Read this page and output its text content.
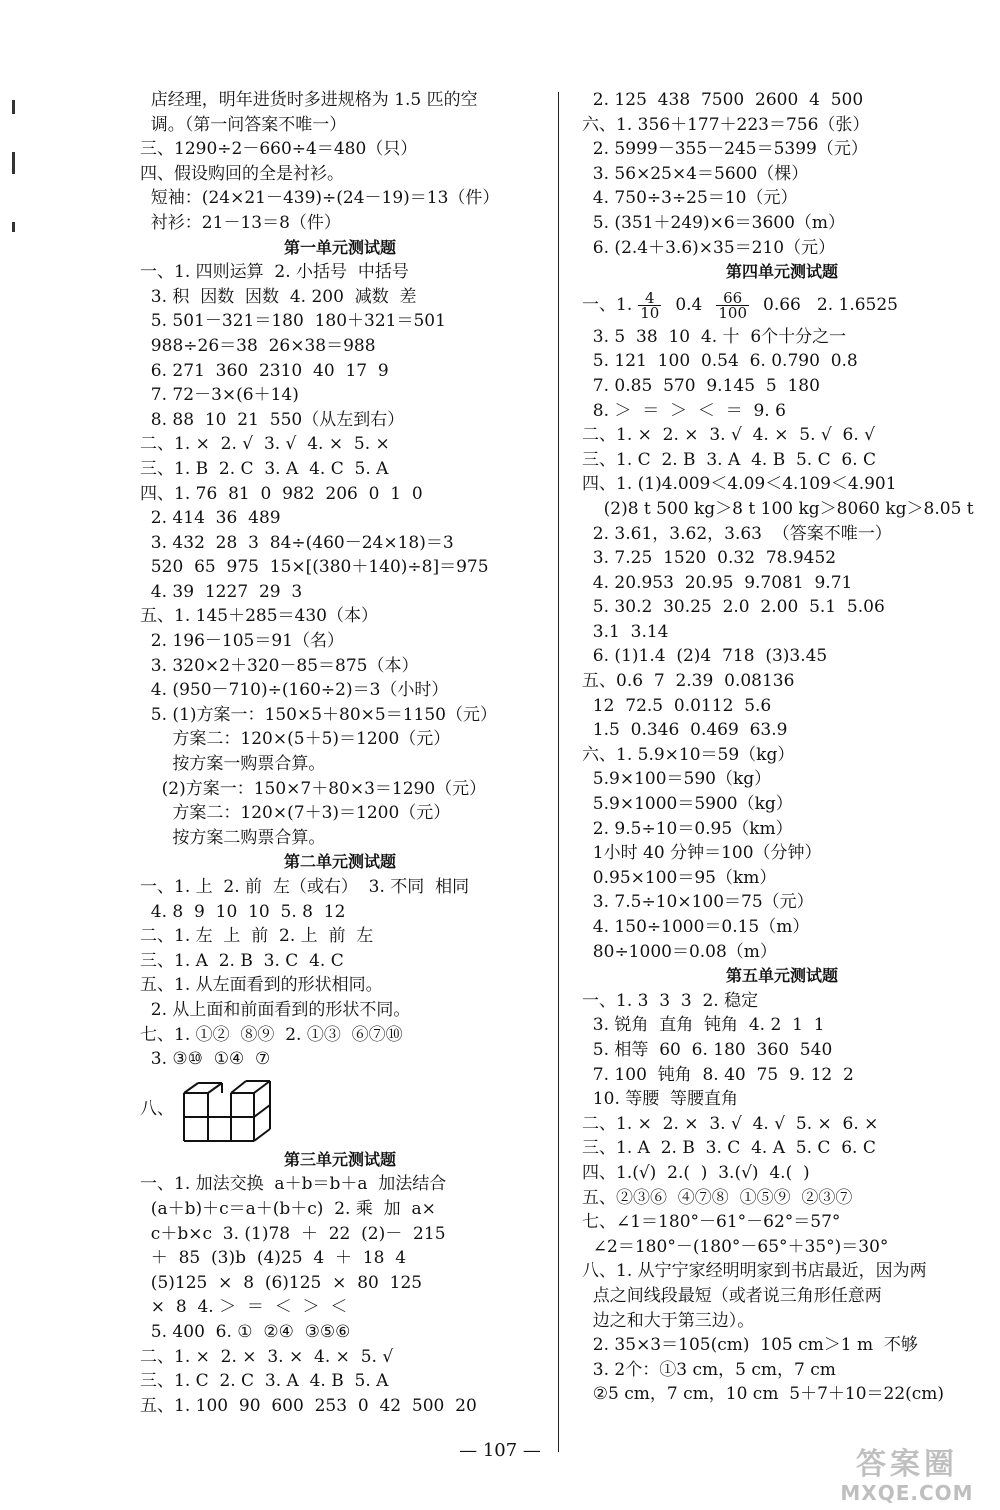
店经理，明年进货时多进规格为 1.5 匹的空
调。（第一问答案不唯一）
三、1290÷2－660÷4＝480（只）
四、假设购回的全是衬衫。
短袖：(24×21－439)÷(24－19)＝13（件）
衬衫：21－13＝8（件）
第一单元测试题
一、1. 四则运算  2. 小括号  中括号
3. 积  因数  因数  4. 200  减数  差
5. 501－321＝180  180＋321＝501
988÷26＝38  26×38＝988
6. 271  360  2310  40  17  9
7. 72－3×(6＋14)
8. 88  10  21  550（从左到右）
二、1. ×  2. √  3. √  4. ×  5. ×
三、1. B  2. C  3. A  4. C  5. A
四、1. 76  81  0  982  206  0  1  0
2. 414  36  489
3. 432  28  3  84÷(460－24×18)＝3
520  65  975  15×[(380＋140)÷8]＝975
4. 39  1227  29  3
五、1. 145＋285＝430（本）
2. 196－105＝91（名）
3. 320×2＋320－85＝875（本）
4. (950－710)÷(160÷2)＝3（小时）
5. (1)方案一：150×5＋80×5＝1150（元）
方案二：120×(5＋5)＝1200（元）
按方案一购票合算。
(2)方案一：150×7＋80×3＝1290（元）
方案二：120×(7＋3)＝1200（元）
按方案二购票合算。
第二单元测试题
一、1. 上  2. 前  左（或右）  3. 不同  相同
4. 8  9  10  10  5. 8  12
二、1. 左  上  前  2. 上  前  左
三、1. A  2. B  3. C  4. C
五、1. 从左面看到的形状相同。
2. 从上面和前面看到的形状不同。
七、1. ①②  ⑧⑨  2. ①③  ⑥⑦⑩
3. ③⑩  ①④  ⑦
八、
第三单元测试题
一、1. 加法交换  a＋b＝b＋a  加法结合
(a＋b)＋c＝a＋(b＋c)  2. 乘  加  a×
c＋b×c  3. (1)78  ＋  22  (2)－  215
＋  85  (3)b  (4)25  4  ＋  18  4
(5)125  ×  8  (6)125  ×  80  125
×  8  4. ＞  ＝  ＜  ＞  ＜
5. 400  6. ①  ②④  ③⑤⑥
二、1. ×  2. ×  3. ×  4. ×  5. √
三、1. C  2. C  3. A  4. B  5. A
五、1. 100  90  600  253  0  42  500  20
2. 125  438  7500  2600  4  500
六、1. 356＋177＋223＝756（张）
2. 5999－355－245＝5399（元）
3. 56×25×4＝5600（棵）
4. 750÷3÷25＝10（元）
5. (351＋249)×6＝3600（m）
6. (2.4＋3.6)×35＝210（元）
第四单元测试题
一、1. $\frac{4}{10} 0.4 \frac{66}{100} 0.66$ 2. 1.6525
3. 5  38  10  4. 十  6个十分之一
5. 121  100  0.54  6. 0.790  0.8
7. 0.85  570  9.145  5  180
8. ＞  ＝  ＞  ＜  ＝  9. 6
二、1. ×  2. ×  3. √  4. ×  5. √  6. √
三、1. C  2. B  3. A  4. B  5. C  6. C
四、1. (1)4.009＜4.09＜4.109＜4.901
(2)8 t 500 kg＞8 t 100 kg＞8060 kg＞8.05 t
2. 3.61，3.62，3.63  （答案不唯一）
3. 7.25  1520  0.32  78.9452
4. 20.953  20.95  9.7081  9.71
5. 30.2  30.25  2.0  2.00  5.1  5.06
3.1  3.14
6. (1)1.4  (2)4  718  (3)3.45
五、0.6  7  2.39  0.08136
12  72.5  0.0112  5.6
1.5  0.346  0.469  63.9
六、1. 5.9×10＝59（kg）
5.9×100＝590（kg）
5.9×1000＝5900（kg）
2. 9.5÷10＝0.95（km）
1小时 40 分钟＝100（分钟）
0.95×100＝95（km）
3. 7.5÷10×100＝75（元）
4. 150÷1000＝0.15（m）
80÷1000＝0.08（m）
第五单元测试题
一、1. 3  3  3  2. 稳定
3. 锐角  直角  钝角  4. 2  1  1
5. 相等  60  6. 180  360  540
7. 100  钝角  8. 40  75  9. 12  2
10. 等腰  等腰直角
二、1. ×  2. ×  3. √  4. √  5. ×  6. ×
三、1. A  2. B  3. C  4. A  5. C  6. C
四、1.(√)  2.(  )  3.(√)  4.(  )
五、②③⑥  ④⑦⑧  ①⑤⑨  ②③⑦
七、∠1＝180°－61°－62°＝57°
∠2＝180°－(180°－65°＋35°)＝30°
八、1. 从宁宁家经明明家到书店最近，因为两
点之间线段最短（或者说三角形任意两
边之和大于第三边）。
2. 35×3＝105(cm)  105 cm＞1 m  不够
3. 2个：①3 cm，5 cm，7 cm
②5 cm，7 cm，10 cm  5＋7＋10＝22(cm)
— 107 —	答案圈
MXQE.COM
